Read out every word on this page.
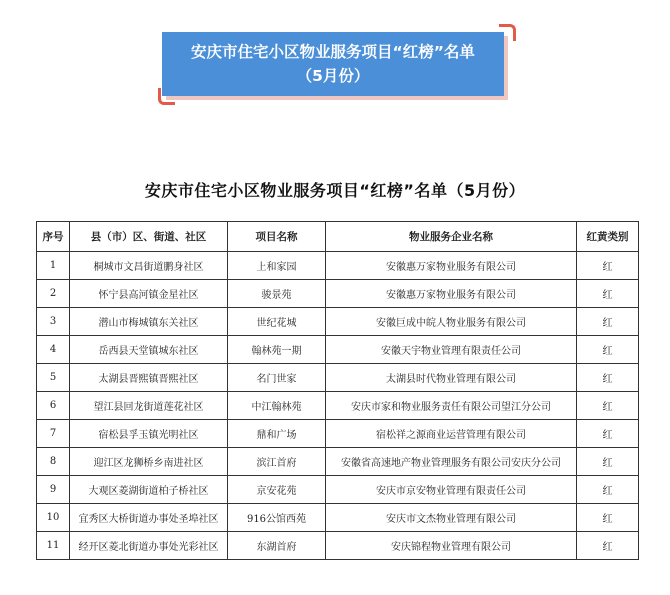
安庆市住宅小区物业服务项目“红榜”名单
（5月份）
安庆市住宅小区物业服务项目“红榜”名单（5月份）
序号	县（市）区、街道、社区	项目名称	物业服务企业名称	红黄类别
1	桐城市文昌街道鹏身社区	上和家园	安徽惠万家物业服务有限公司	红
2	怀宁县高河镇金星社区	骏景苑	安徽惠万家物业服务有限公司	红
3	潜山市梅城镇东关社区	世纪花城	安徽巨成中皖人物业服务有限公司	红
4	岳西县天堂镇城东社区	翰林苑一期	安徽天宇物业管理有限责任公司	红
5	太湖县晋熙镇晋熙社区	名门世家	太湖县时代物业管理有限公司	红
6	望江县回龙街道莲花社区	中江翰林苑	安庆市家和物业服务责任有限公司望江分公司	红
7	宿松县孚玉镇光明社区	鼎和广场	宿松祥之源商业运营管理有限公司	红
8	迎江区龙狮桥乡南进社区	滨江首府	安徽省高速地产物业管理服务有限公司安庆分公司	红
9	大观区菱湖街道柏子桥社区	京安花苑	安庆市京安物业管理有限责任公司	红
10	宜秀区大桥街道办事处圣埠社区	916公馆西苑	安庆市文杰物业管理有限公司	红
11	经开区菱北街道办事处光彩社区	东湖首府	安庆锦程物业管理有限公司	红
